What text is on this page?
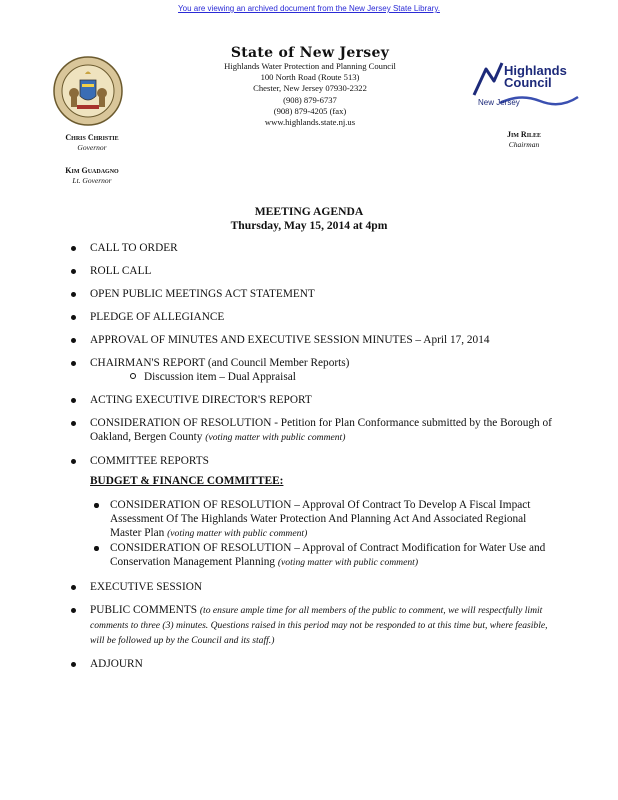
You are viewing an archived document from the New Jersey State Library.
State of New Jersey
Highlands Water Protection and Planning Council
100 North Road (Route 513)
Chester, New Jersey 07930-2322
(908) 879-6737
(908) 879-4205 (fax)
www.highlands.state.nj.us
Highlands
Council
New Jersey
Chris Christie
Governor
Kim Guadagno
Lt. Governor
Jim Rilee
Chairman
MEETING AGENDA
Thursday, May 15, 2014 at 4pm
CALL TO ORDER
ROLL CALL
OPEN PUBLIC MEETINGS ACT STATEMENT
PLEDGE OF ALLEGIANCE
APPROVAL OF MINUTES AND EXECUTIVE SESSION MINUTES – April 17, 2014
CHAIRMAN'S REPORT (and Council Member Reports)
Discussion item – Dual Appraisal
ACTING EXECUTIVE DIRECTOR'S REPORT
CONSIDERATION OF RESOLUTION - Petition for Plan Conformance submitted by the Borough of Oakland, Bergen County (voting matter with public comment)
COMMITTEE REPORTS
BUDGET & FINANCE COMMITTEE:
CONSIDERATION OF RESOLUTION – Approval Of Contract To Develop A Fiscal Impact Assessment Of The Highlands Water Protection And Planning Act And Associated Regional Master Plan (voting matter with public comment)
CONSIDERATION OF RESOLUTION – Approval of Contract Modification for Water Use and Conservation Management Planning (voting matter with public comment)
EXECUTIVE SESSION
PUBLIC COMMENTS (to ensure ample time for all members of the public to comment, we will respectfully limit comments to three (3) minutes. Questions raised in this period may not be responded to at this time but, where feasible, will be followed up by the Council and its staff.)
ADJOURN
